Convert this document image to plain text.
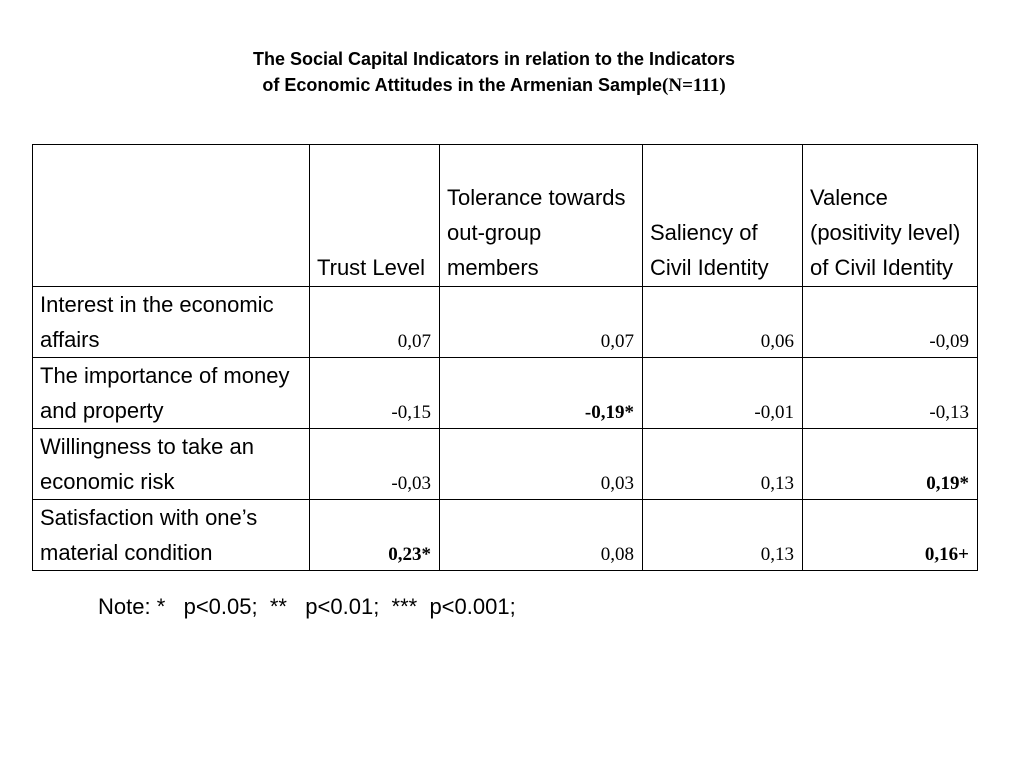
The Social Capital Indicators in relation to the Indicators
of Economic Attitudes in the Armenian Sample(N=111)
	Trust Level	Tolerance towards out-group members	Saliency of Civil Identity	Valence (positivity level) of Civil Identity
Interest in the economic affairs	0,07	0,07	0,06	-0,09
The importance of money and property	-0,15	-0,19*	-0,01	-0,13
Willingness to take an economic risk	-0,03	0,03	0,13	0,19*
Satisfaction with one’s material condition	0,23*	0,08	0,13	0,16+
Note: *   p<0.05;  **   p<0.01;  ***  p<0.001;
